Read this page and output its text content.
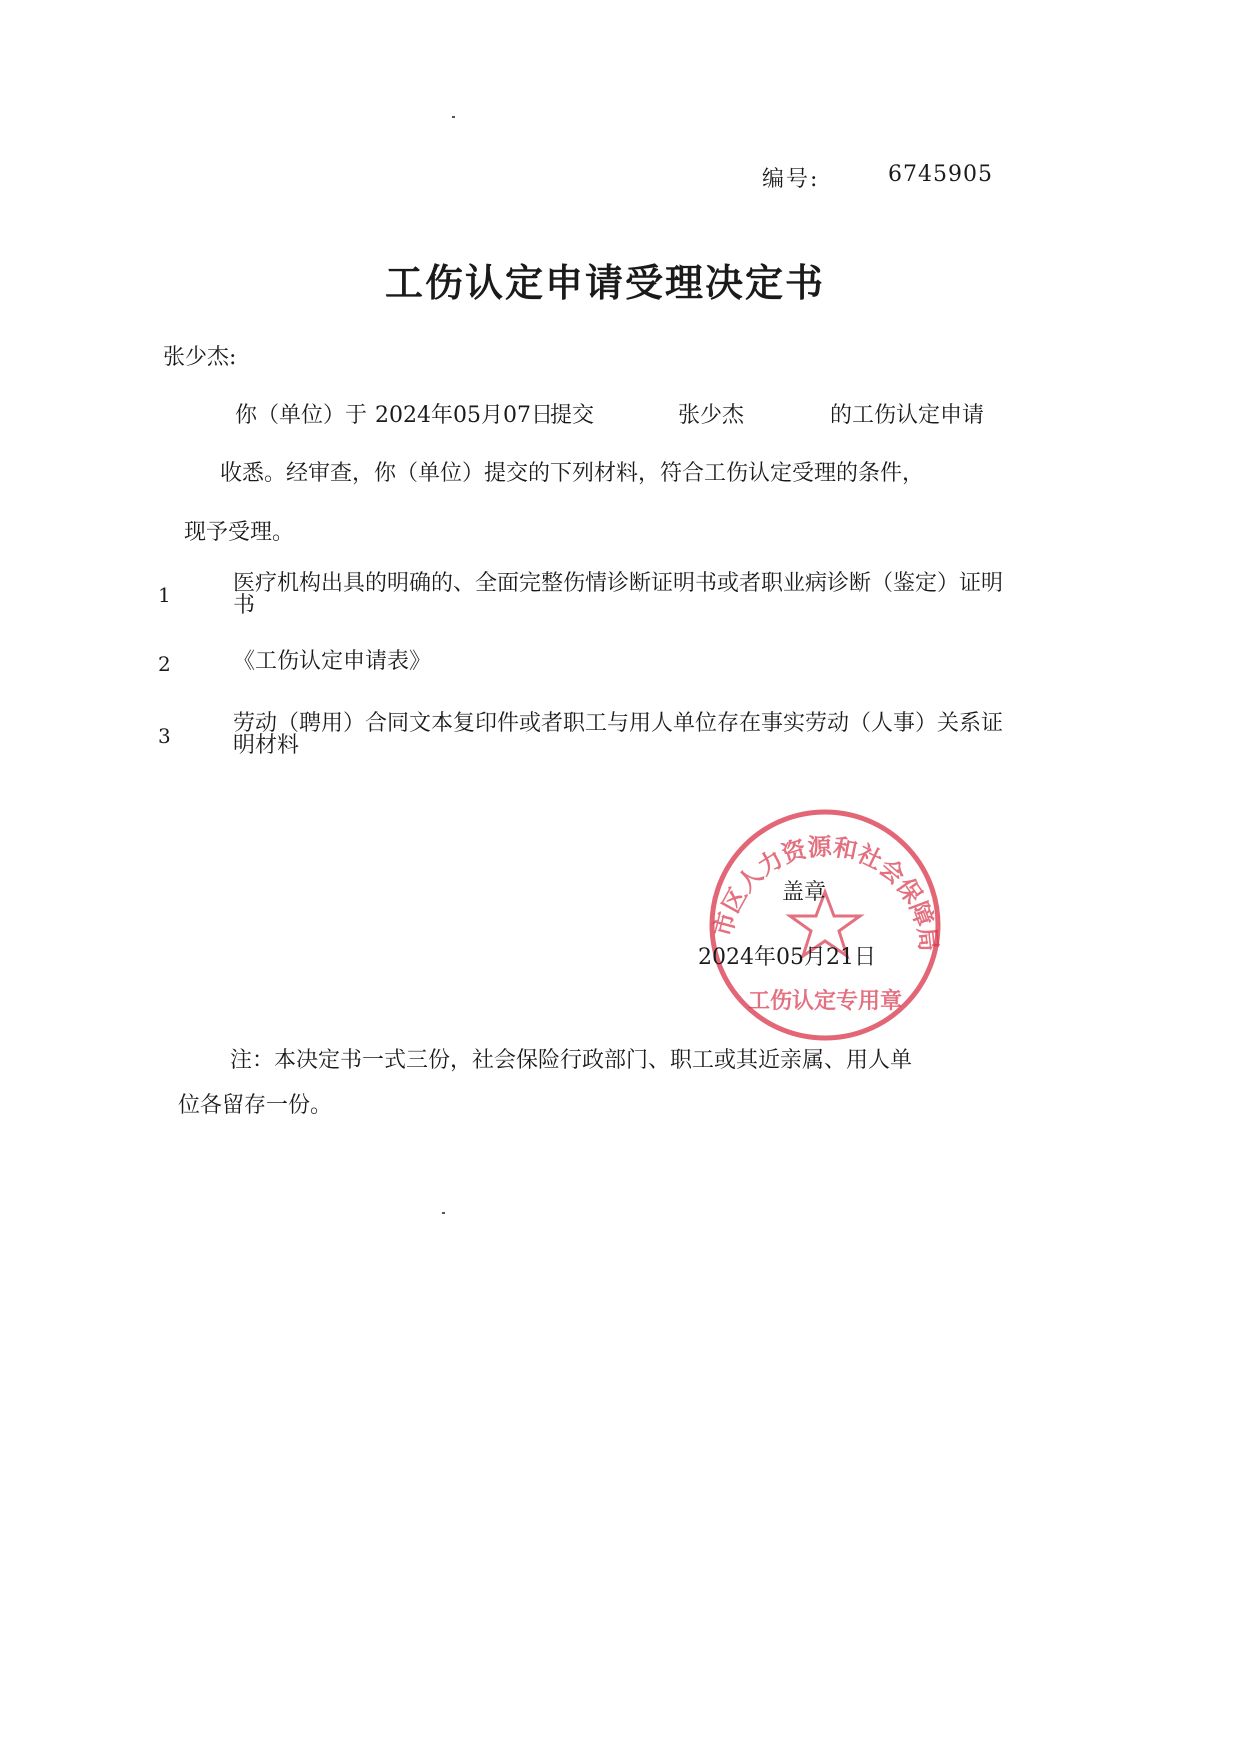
编号:	6745905
工伤认定申请受理决定书
张少杰:
你（单位）于 2024年05月07日
提交	张少杰	的工伤认定申请
收悉。经审查，你（单位）提交的下列材料，符合工伤认定受理的条件，
现予受理。
1	医疗机构出具的明确的、全面完整伤情诊断证明书或者职业病诊断（鉴定）证明书
2	《工伤认定申请表》
3	劳动（聘用）合同文本复印件或者职工与用人单位存在事实劳动（人事）关系证明材料
市区人力资源和社会保障局
工伤认定专用章
盖章
2024年05月21日
注：本决定书一式三份，社会保险行政部门、职工或其近亲属、用人单
位各留存一份。
